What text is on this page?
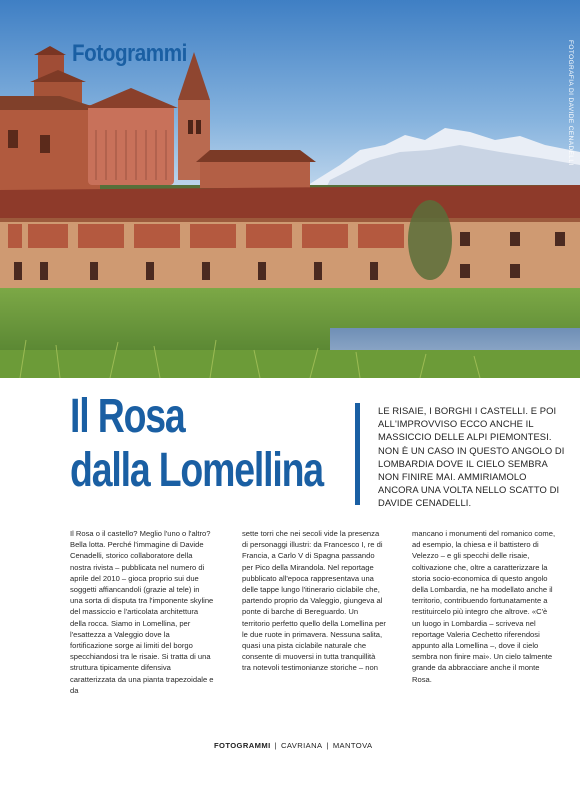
Fotogrammi	FOTOGRAFIA DI DAVIDE CENADELLI
Il Rosa
dalla Lomellina

LE RISAIE, I BORGHI I CASTELLI. E POI ALL'IMPROVVISO ECCO ANCHE IL MASSICCIO DELLE ALPI PIEMONTESI. NON È UN CASO IN QUESTO ANGOLO DI LOMBARDIA DOVE IL CIELO SEMBRA NON FINIRE MAI. AMMIRIAMOLO ANCORA UNA VOLTA NELLO SCATTO DI DAVIDE CENADELLI.

Il Rosa o il castello? Meglio l'uno o l'altro? Bella lotta. Perché l'immagine di Davide Cenadelli, storico collaboratore della nostra rivista – pubblicata nel numero di aprile del 2010 – gioca proprio sui due soggetti affiancandoli (grazie al tele) in una sorta di disputa tra l'imponente skyline del massiccio e l'articolata architettura della rocca. Siamo in Lomellina, per l'esattezza a Valeggio dove la fortificazione sorge ai limiti del borgo specchiandosi tra le risaie. Si tratta di una struttura tipicamente difensiva caratterizzata da una pianta trapezoidale e da

sette torri che nei secoli vide la presenza di personaggi illustri: da Francesco I, re di Francia, a Carlo V di Spagna passando per Pico della Mirandola. Nel reportage pubblicato all'epoca rappresentava una delle tappe lungo l'itinerario ciclabile che, partendo proprio da Valeggio, giungeva al ponte di barche di Bereguardo. Un territorio perfetto quello della Lomellina per le due ruote in primavera. Nessuna salita, quasi una pista ciclabile naturale che consente di muoversi in tutta tranquillità tra notevoli testimonianze storiche – non

mancano i monumenti del romanico come, ad esempio, la chiesa e il battistero di Velezzo – e gli specchi delle risaie, coltivazione che, oltre a caratterizzare la storia socio-economica di questo angolo della Lombardia, ne ha modellato anche il territorio, contribuendo fortunatamente a restituircelo più integro che altrove. «C'è un luogo in Lombardia – scriveva nel reportage Valeria Cechetto riferendosi appunto alla Lomellina –, dove il cielo sembra non finire mai». Un cielo talmente grande da abbracciare anche il monte Rosa.

FOTOGRAMMI | CAVRIANA | MANTOVA
